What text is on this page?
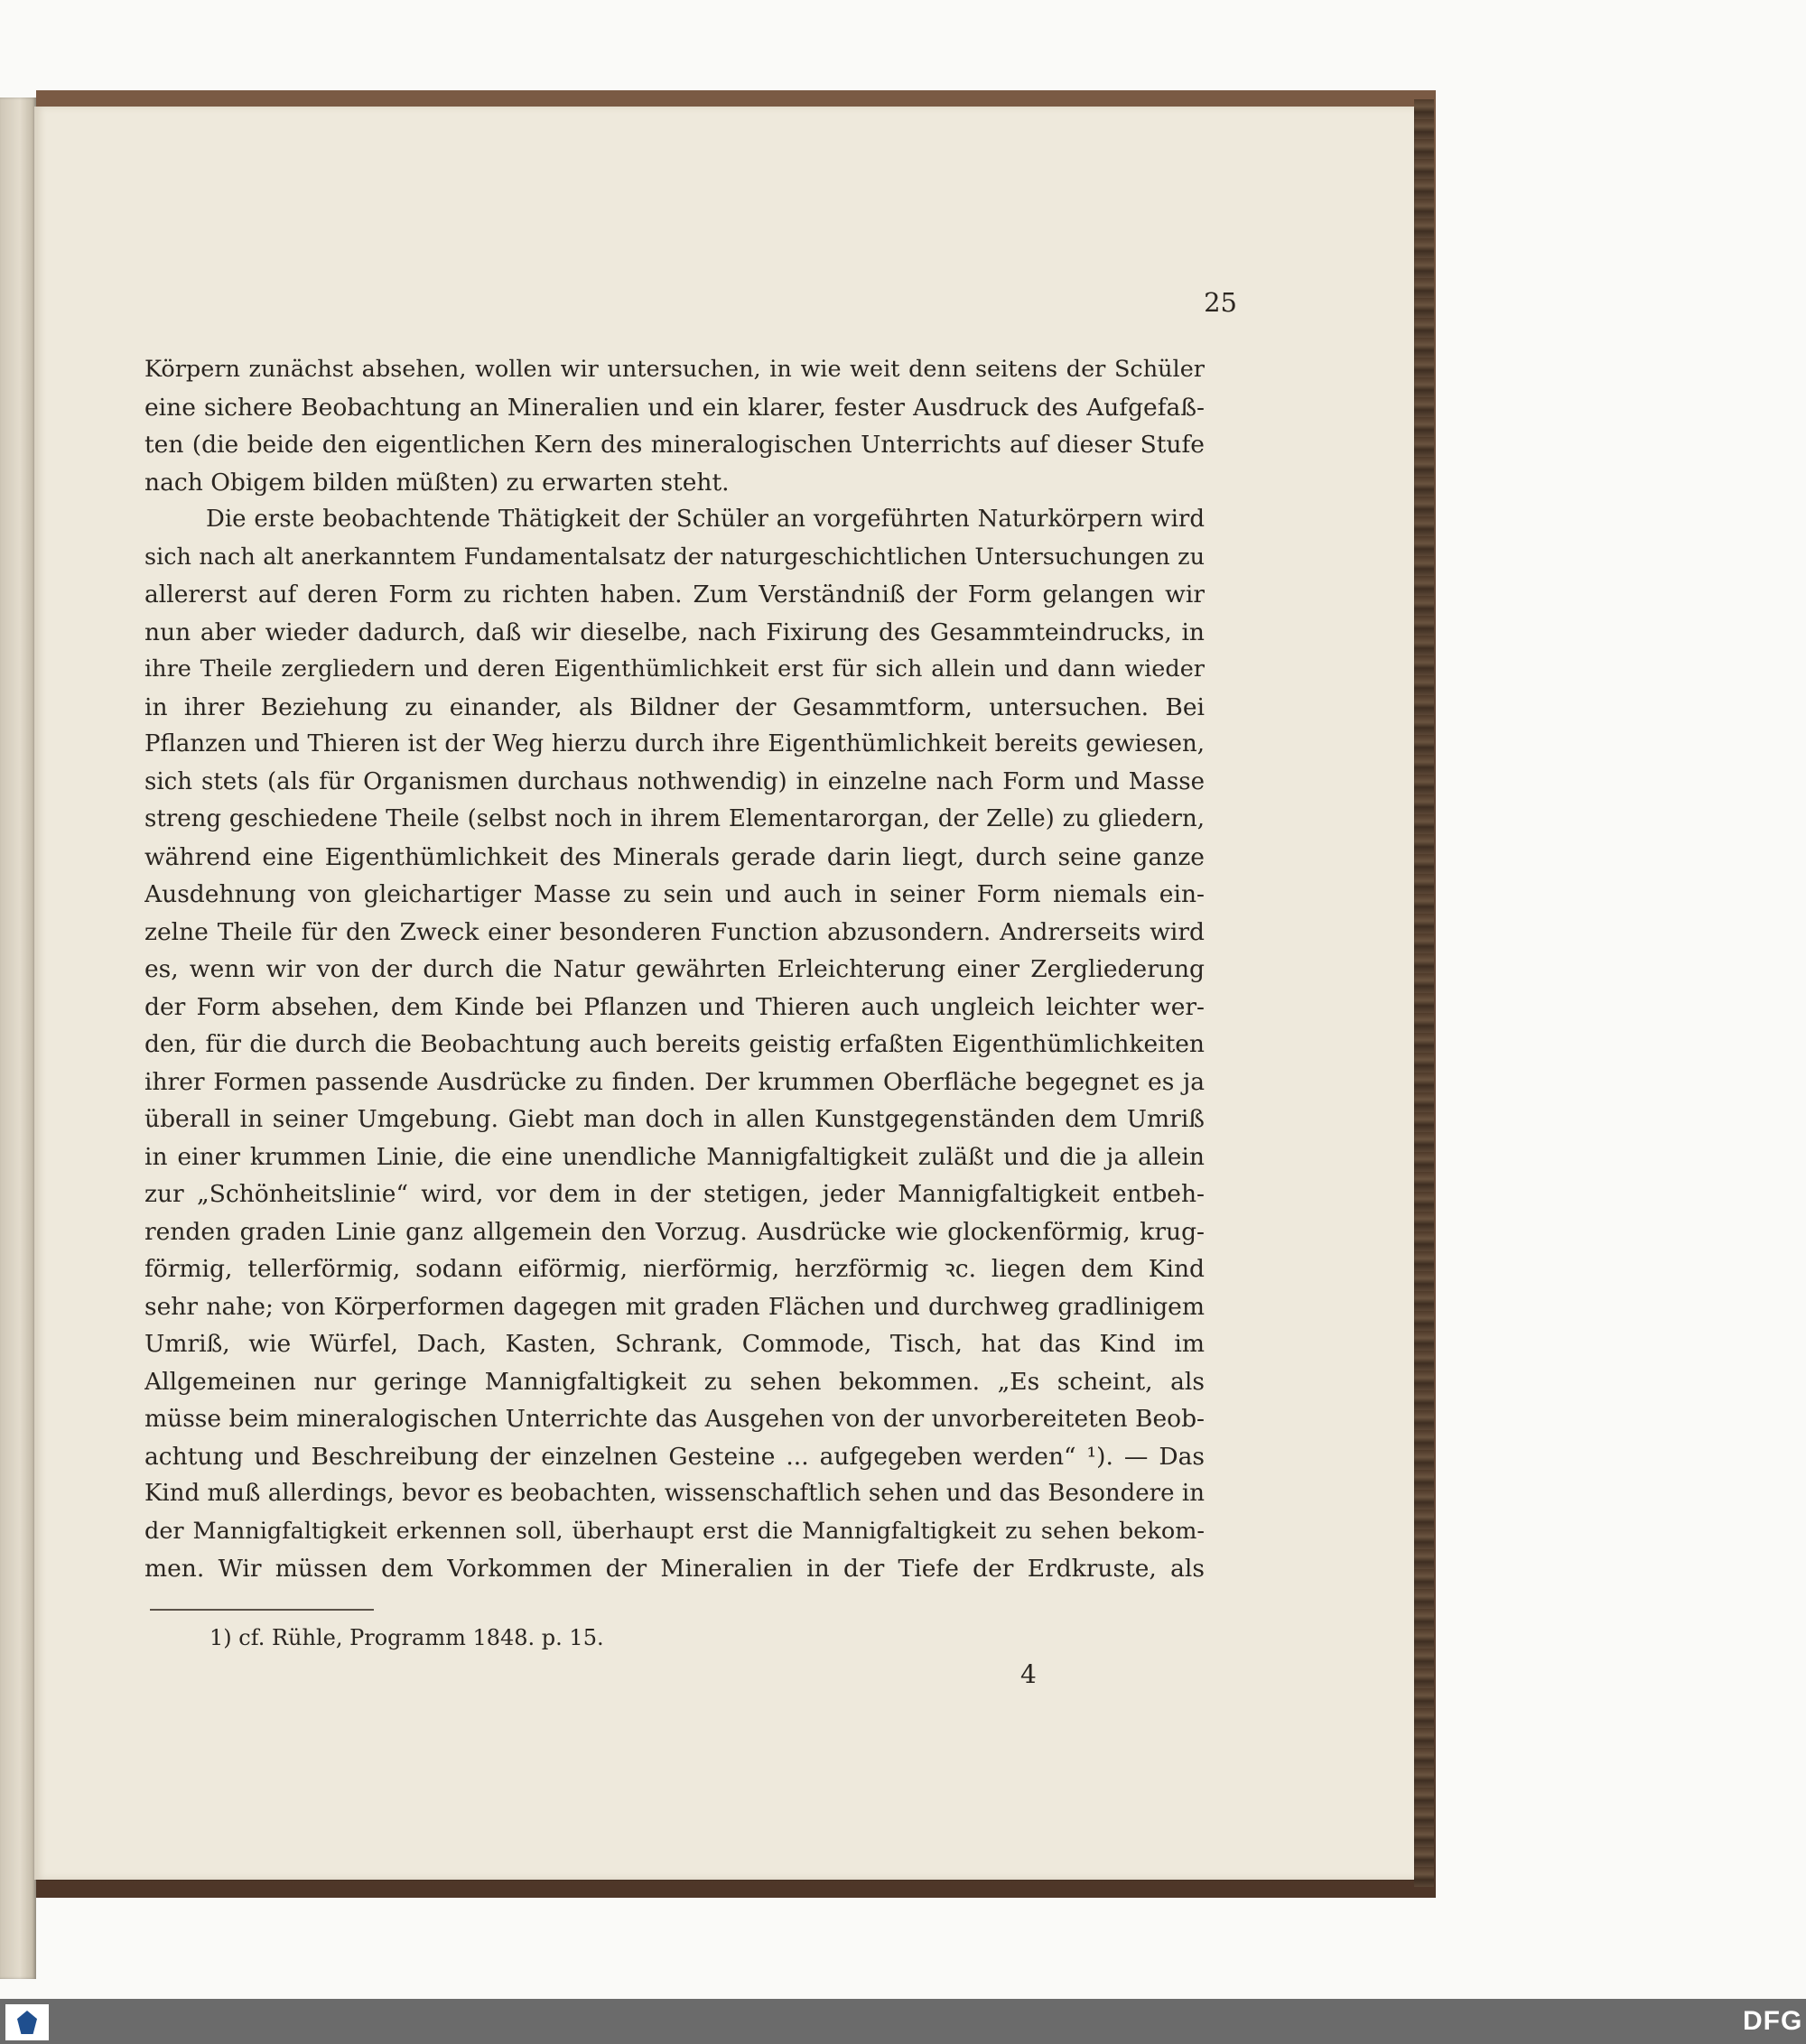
25
Körpern zunächst absehen, wollen wir untersuchen, in wie weit denn seitens der Schüler
eine sichere Beobachtung an Mineralien und ein klarer, fester Ausdruck des Aufgefaß-
ten (die beide den eigentlichen Kern des mineralogischen Unterrichts auf dieser Stufe
nach Obigem bilden müßten) zu erwarten steht.
Die erste beobachtende Thätigkeit der Schüler an vorgeführten Naturkörpern wird
sich nach alt anerkanntem Fundamentalsatz der naturgeschichtlichen Untersuchungen zu
allererst auf deren Form zu richten haben. Zum Verständniß der Form gelangen wir
nun aber wieder dadurch, daß wir dieselbe, nach Fixirung des Gesammteindrucks, in
ihre Theile zergliedern und deren Eigenthümlichkeit erst für sich allein und dann wieder
in ihrer Beziehung zu einander, als Bildner der Gesammtform, untersuchen. Bei
Pflanzen und Thieren ist der Weg hierzu durch ihre Eigenthümlichkeit bereits gewiesen,
sich stets (als für Organismen durchaus nothwendig) in einzelne nach Form und Masse
streng geschiedene Theile (selbst noch in ihrem Elementarorgan, der Zelle) zu gliedern,
während eine Eigenthümlichkeit des Minerals gerade darin liegt, durch seine ganze
Ausdehnung von gleichartiger Masse zu sein und auch in seiner Form niemals ein-
zelne Theile für den Zweck einer besonderen Function abzusondern. Andrerseits wird
es, wenn wir von der durch die Natur gewährten Erleichterung einer Zergliederung
der Form absehen, dem Kinde bei Pflanzen und Thieren auch ungleich leichter wer-
den, für die durch die Beobachtung auch bereits geistig erfaßten Eigenthümlichkeiten
ihrer Formen passende Ausdrücke zu finden. Der krummen Oberfläche begegnet es ja
überall in seiner Umgebung. Giebt man doch in allen Kunstgegenständen dem Umriß
in einer krummen Linie, die eine unendliche Mannigfaltigkeit zuläßt und die ja allein
zur „Schönheitslinie“ wird, vor dem in der stetigen, jeder Mannigfaltigkeit entbeh-
renden graden Linie ganz allgemein den Vorzug. Ausdrücke wie glockenförmig, krug-
förmig, tellerförmig, sodann eiförmig, nierförmig, herzförmig ꝛc. liegen dem Kind
sehr nahe; von Körperformen dagegen mit graden Flächen und durchweg gradlinigem
Umriß, wie Würfel, Dach, Kasten, Schrank, Commode, Tisch, hat das Kind im
Allgemeinen nur geringe Mannigfaltigkeit zu sehen bekommen. „Es scheint, als
müsse beim mineralogischen Unterrichte das Ausgehen von der unvorbereiteten Beob-
achtung und Beschreibung der einzelnen Gesteine ... aufgegeben werden“ ¹). — Das
Kind muß allerdings, bevor es beobachten, wissenschaftlich sehen und das Besondere in
der Mannigfaltigkeit erkennen soll, überhaupt erst die Mannigfaltigkeit zu sehen bekom-
men. Wir müssen dem Vorkommen der Mineralien in der Tiefe der Erdkruste, als
1) cf. Rühle, Programm 1848. p. 15.
4
DFG
